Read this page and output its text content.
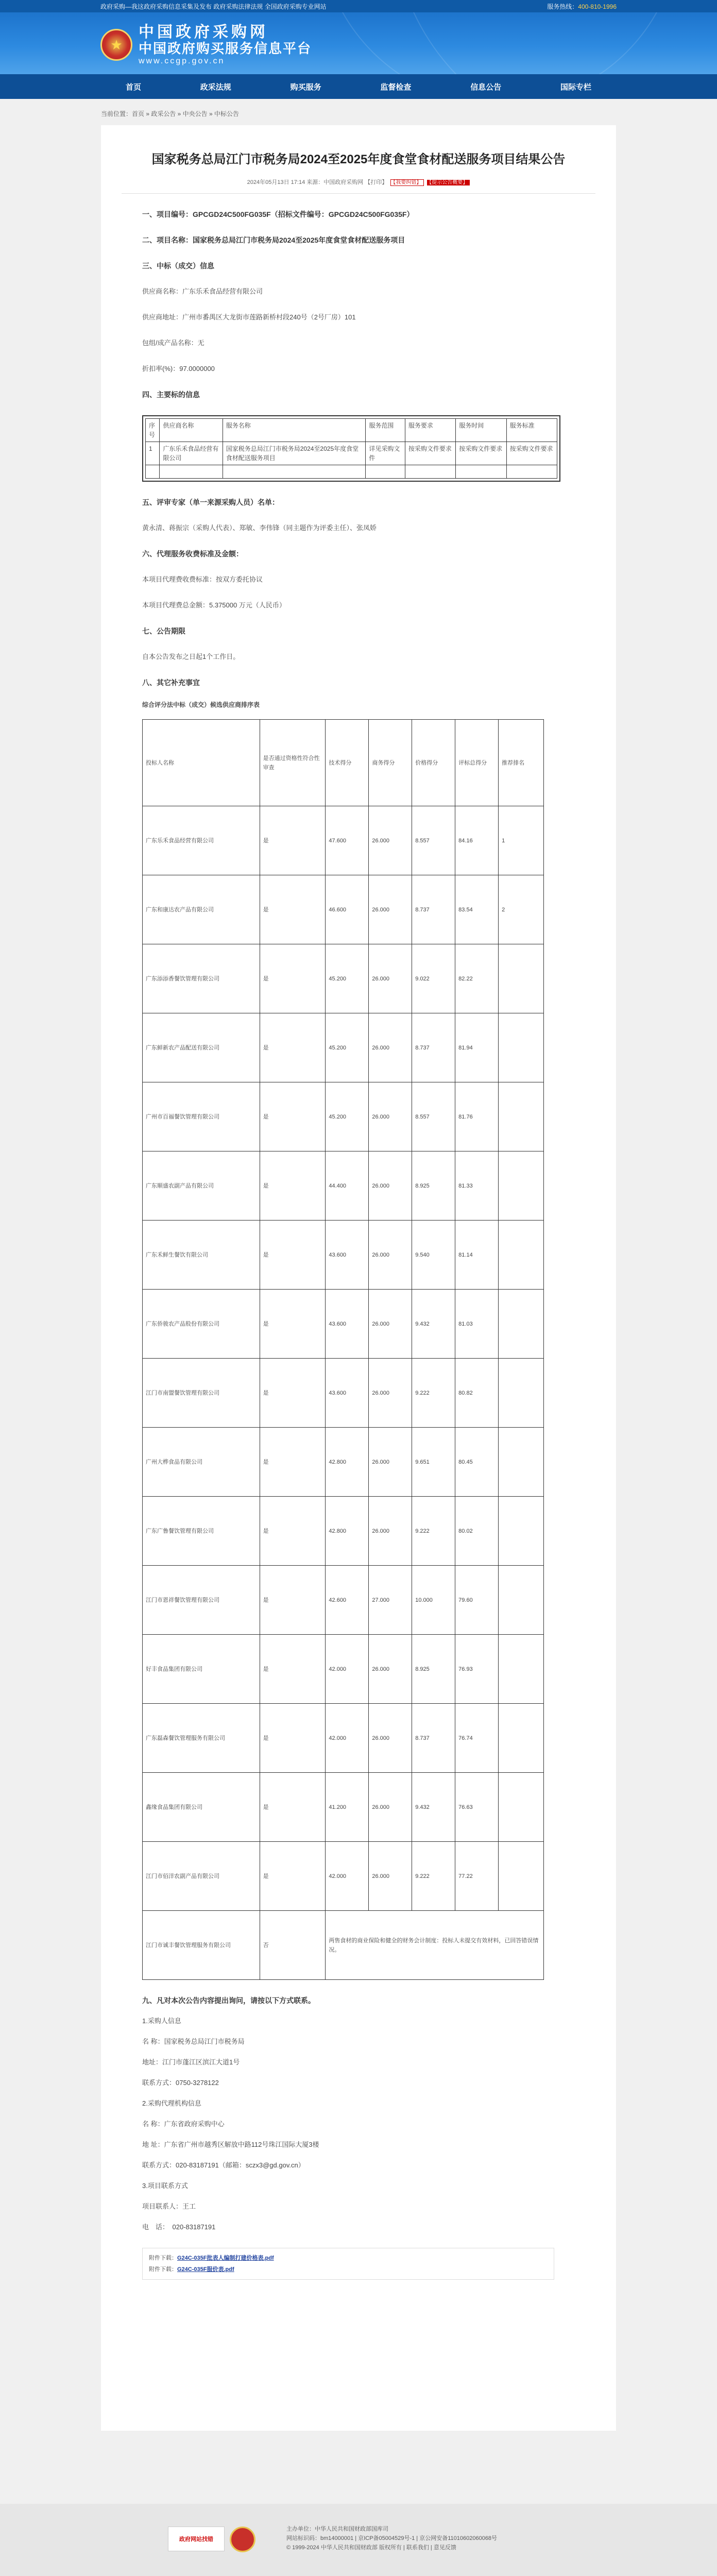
政府采购—我这政府采购信息采集及发布 政府采购法律法规 全国政府采购专业网站	服务热线：400-810-1996
★
中国政府采购网
中国政府购买服务信息平台
www.ccgp.gov.cn
首页	政采法规	购买服务	监督检查	信息公告	国际专栏
当前位置：首页 » 政采公告 » 中央公告 » 中标公告
国家税务总局江门市税务局2024至2025年度食堂食材配送服务项目结果公告
2024年05月13日 17:14 来源：中国政府采购网 【打印】 【我要纠错】 【提示公告概要】
一、项目编号：GPCGD24C500FG035F（招标文件编号：GPCGD24C500FG035F）
二、项目名称：国家税务总局江门市税务局2024至2025年度食堂食材配送服务项目
三、中标（成交）信息
供应商名称：广东乐禾食品经营有限公司
供应商地址：广州市番禺区大龙街市莲路新桥村段240号（2号厂房）101
包组/成产品名称：无
折扣率(%)：97.0000000
四、主要标的信息
序号	供应商名称	服务名称	服务范围	服务要求	服务时间	服务标准
1	广东乐禾食品经营有限公司	国家税务总局江门市税务局2024至2025年度食堂食材配送服务项目	详见采购文件	按采购文件要求	按采购文件要求	按采购文件要求

五、评审专家（单一来源采购人员）名单：
黄永清、蒋振宗（采购人代表）、郑敏、李伟锋（同主题作为评委主任）、张凤娇
六、代理服务收费标准及金额：
本项目代理费收费标准：按双方委托协议
本项目代理费总金额：5.375000 万元（人民币）
七、公告期限
自本公告发布之日起1个工作日。
八、其它补充事宜
综合评分法中标（成交）候选供应商排序表
投标人名称	是否通过资格性符合性审查	技术得分	商务得分	价格得分	评标总得分	推荐排名
广东乐禾食品经营有限公司	是	47.600	26.000	8.557	84.16	1
广东和康达农产品有限公司	是	46.600	26.000	8.737	83.54	2
广东添添香餐饮管理有限公司	是	45.200	26.000	9.022	82.22	
广东鲜新农产品配送有限公司	是	45.200	26.000	8.737	81.94	
广州市百福餐饮管理有限公司	是	45.200	26.000	8.557	81.76	
广东顺盛农副产品有限公司	是	44.400	26.000	8.925	81.33	
广东禾鲜生餐饮有限公司	是	43.600	26.000	9.540	81.14	
广东侨骏农产品股份有限公司	是	43.600	26.000	9.432	81.03	
江门市南盟餐饮管理有限公司	是	43.600	26.000	9.222	80.82	
广州大桦食品有限公司	是	42.800	26.000	9.651	80.45	
广东广鲁餐饮管理有限公司	是	42.800	26.000	9.222	80.02	
江门市恩祥餐饮管理有限公司	是	42.600	27.000	10.000	79.60	
好丰食品集团有限公司	是	42.000	26.000	8.925	76.93	
广东磊森餐饮管理服务有限公司	是	42.000	26.000	8.737	76.74	
鑫缘食品集团有限公司	是	41.200	26.000	9.432	76.63	
江门市佰洋农副产品有限公司	是	42.000	26.000	9.222	77.22	
江门市诚丰餐饮管理服务有限公司	否	两售食材的商业保险和健全的财务会计制度：投标人未提交有效材料，已回答错误情况。				
九、凡对本次公告内容提出询问，请按以下方式联系。
1.采购人信息
名 称：国家税务总局江门市税务局
地址：江门市蓬江区滨江大道1号
联系方式：0750-3278122
2.采购代理机构信息
名 称：广东省政府采购中心
地 址：广东省广州市越秀区解放中路112号珠江国际大厦3楼
联系方式：020-83187191（邮箱：sczx3@gd.gov.cn）
3.项目联系方式
项目联系人：王工
电　话：　020-83187191
附件下载：G24C-035F批表人编制打建价格表.pdf
附件下载：G24C-035F服价表.pdf
政府网站找错
主办单位：中华人民共和国财政部国库司
网站标识码：bm14000001 | 京ICP备05004529号-1 | 京公网安备11010602060068号
© 1999-2024 中华人民共和国财政部 版权所有 | 联系我们 | 意见反馈
